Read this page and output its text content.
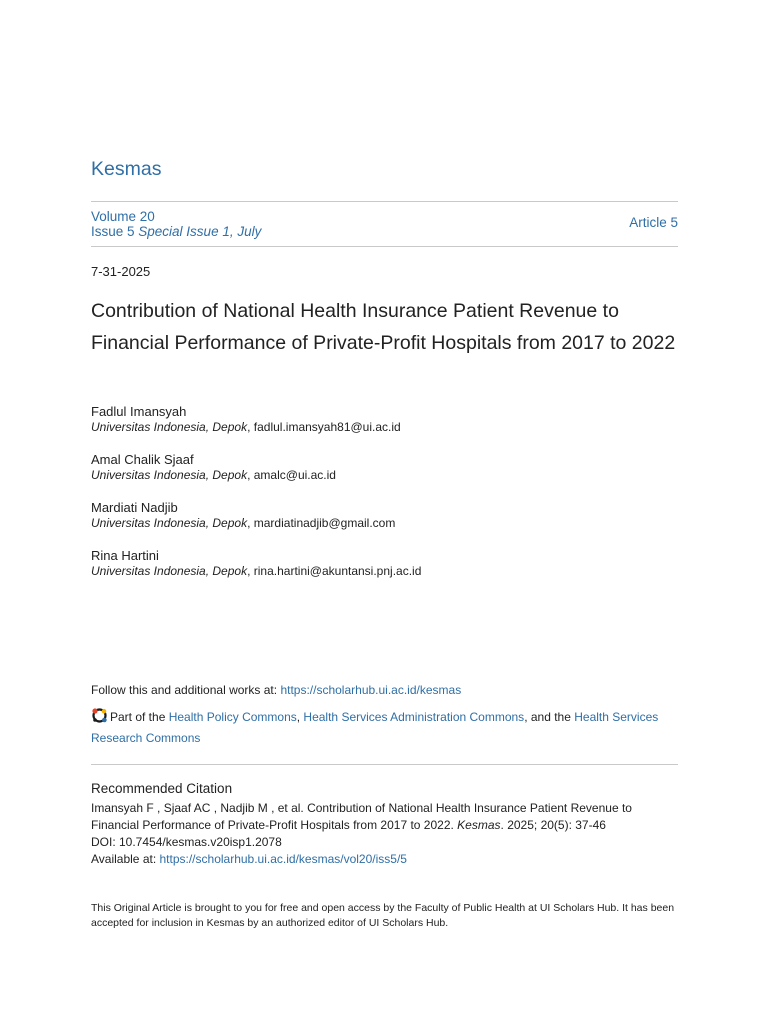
Kesmas
Volume 20
Issue 5 Special Issue 1, July
Article 5
7-31-2025
Contribution of National Health Insurance Patient Revenue to Financial Performance of Private-Profit Hospitals from 2017 to 2022
Fadlul Imansyah
Universitas Indonesia, Depok, fadlul.imansyah81@ui.ac.id
Amal Chalik Sjaaf
Universitas Indonesia, Depok, amalc@ui.ac.id
Mardiati Nadjib
Universitas Indonesia, Depok, mardiatinadjib@gmail.com
Rina Hartini
Universitas Indonesia, Depok, rina.hartini@akuntansi.pnj.ac.id
Follow this and additional works at: https://scholarhub.ui.ac.id/kesmas
Part of the Health Policy Commons, Health Services Administration Commons, and the Health Services Research Commons
Recommended Citation
Imansyah F , Sjaaf AC , Nadjib M , et al. Contribution of National Health Insurance Patient Revenue to Financial Performance of Private-Profit Hospitals from 2017 to 2022. Kesmas. 2025; 20(5): 37-46
DOI: 10.7454/kesmas.v20isp1.2078
Available at: https://scholarhub.ui.ac.id/kesmas/vol20/iss5/5
This Original Article is brought to you for free and open access by the Faculty of Public Health at UI Scholars Hub. It has been accepted for inclusion in Kesmas by an authorized editor of UI Scholars Hub.
